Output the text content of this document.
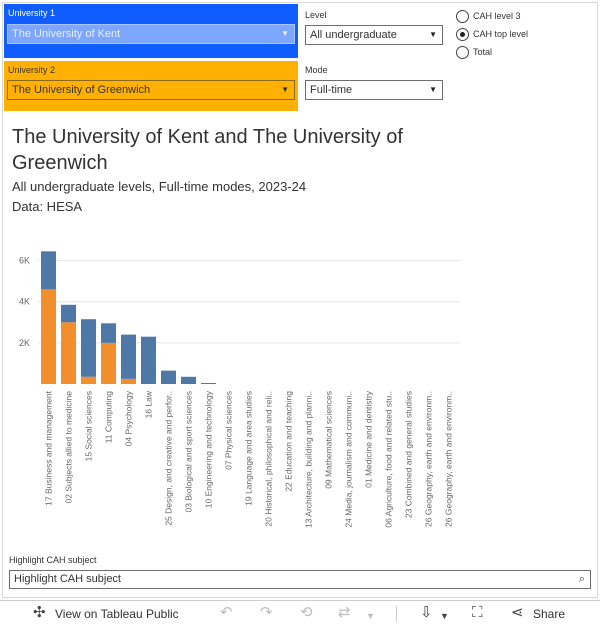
University 1
The University of Kent	▼
University 2
The University of Greenwich	▼
Level
All undergraduate	▼
Mode
Full-time	▼
CAH level 3
CAH top level
Total
The University of Kent and The University of Greenwich
All undergraduate levels, Full-time modes, 2023-24
Data: HESA
2K
4K
6K
17 Business and management 02 Subjects allied to medicine 15 Social sciences 11 Computing 04 Psychology 16 Law 25 Design, and creative and perfor.. 03 Biological and sport sciences 10 Engineering and technology 07 Physical sciences 19 Language and area studies 20 Historical, philosophical and reli.. 22 Education and teaching 13 Architecture, building and planni.. 09 Mathematical sciences 24 Media, journalism and communi.. 01 Medicine and dentistry 06 Agriculture, food and related stu.. 23 Combined and general studies 26 Geography, earth and environm.. 26 Geography, earth and environm..
Highlight CAH subject
Highlight CAH subject	⌕
✣ View on Tableau Public	↶ ↷ ⟲ ⇄ ▼	⇩ ▼ ⛶ ⋖ Share
